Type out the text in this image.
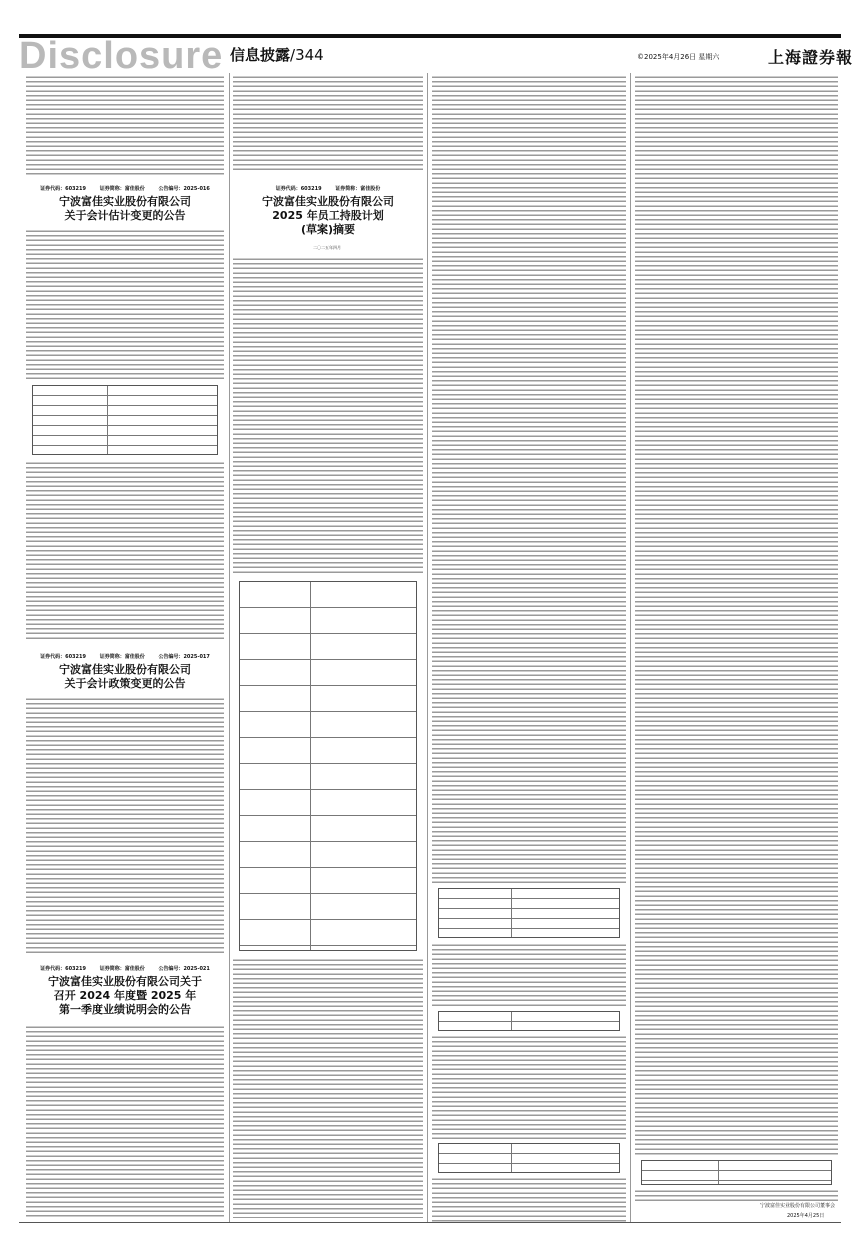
Disclosure 信息披露/344	©2025年4月26日 星期六	上海證券報
证券代码：603219 证券简称：富佳股份 公告编号：2025-016
宁波富佳实业股份有限公司
关于会计估计变更的公告
证券代码：603219 证券简称：富佳股份 公告编号：2025-017
宁波富佳实业股份有限公司
关于会计政策变更的公告
证券代码：603219 证券简称：富佳股份 公告编号：2025-021
宁波富佳实业股份有限公司关于
召开 2024 年度暨 2025 年
第一季度业绩说明会的公告
证券代码：603219 证券简称：富佳股份
宁波富佳实业股份有限公司
2025 年员工持股计划
(草案)摘要
二〇二五年四月
宁波富佳实业股份有限公司董事会
2025年4月25日
